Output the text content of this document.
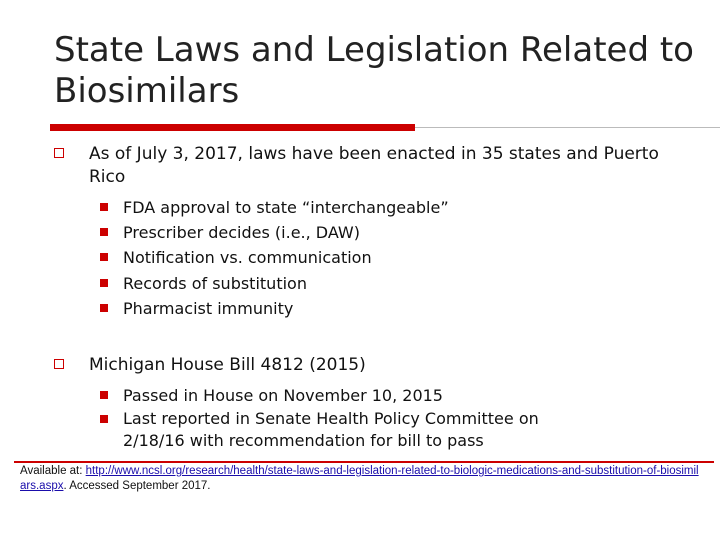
State Laws and Legislation Related to Biosimilars
As of July 3, 2017, laws have been enacted in 35 states and Puerto Rico
FDA approval to state “interchangeable”
Prescriber decides (i.e., DAW)
Notification vs. communication
Records of substitution
Pharmacist immunity
Michigan House Bill 4812 (2015)
Passed in House on November 10, 2015
Last reported in Senate Health Policy Committee on 2/18/16 with recommendation for bill to pass
Available at: http://www.ncsl.org/research/health/state-laws-and-legislation-related-to-biologic-medications-and-substitution-of-biosimilars.aspx. Accessed September 2017.
